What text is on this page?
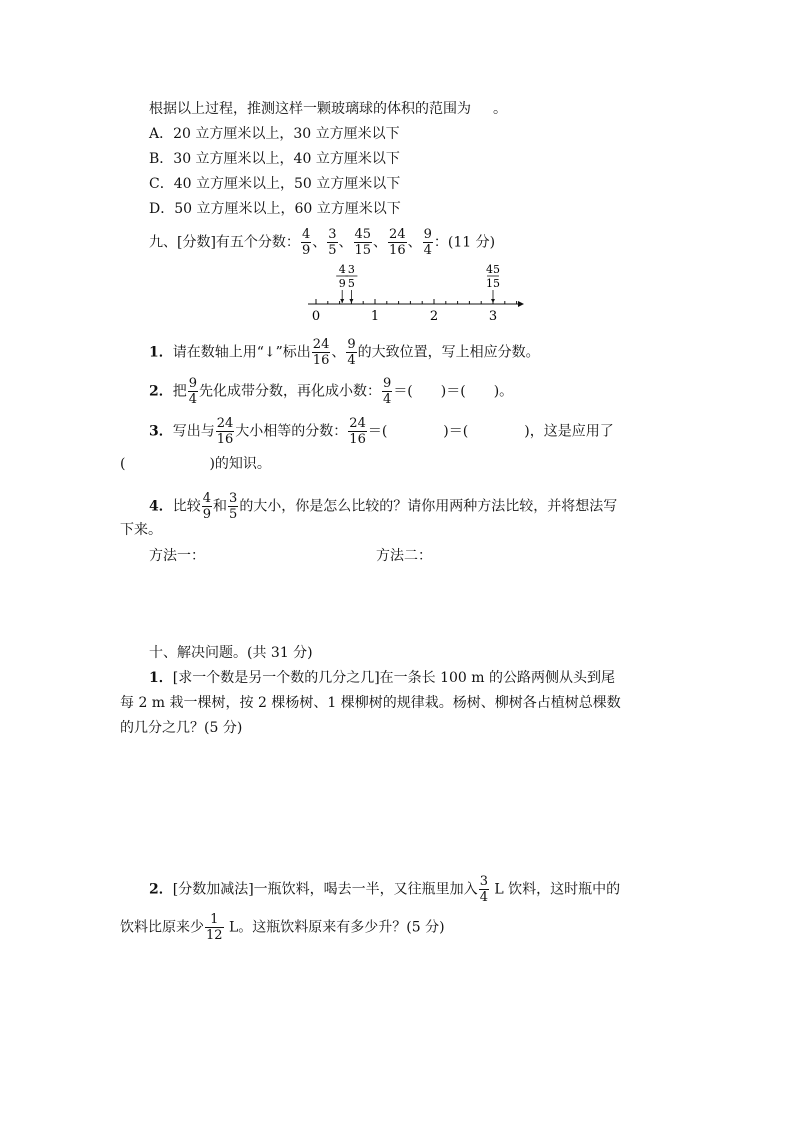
根据以上过程，推测这样一颗玻璃球的体积的范围为 。
A．20 立方厘米以上，30 立方厘米以下
B．30 立方厘米以上，40 立方厘米以下
C．40 立方厘米以上，50 立方厘米以下
D．50 立方厘米以上，60 立方厘米以下
九、[分数]有五个分数： $\frac{4}{9}$ 、 $\frac{3}{5}$ 、 $\frac{45}{15}$ 、 $\frac{24}{16}$ 、 $\frac{9}{4}$ ：(11 分)
0	1	2	3
4
9
3
5
45
15
1．请在数轴上用“↓”标出 $\frac{24}{16}$ 、 $\frac{9}{4}$ 的大致位置，写上相应分数。
2．把 $\frac{9}{4}$ 先化成带分数，再化成小数： $\frac{9}{4}$ ＝(　　)＝(　　)。
3．写出与 $\frac{24}{16}$ 大小相等的分数： $\frac{24}{16}$ ＝(　　　　)＝(　　　　)，这是应用了
(　　　　　　)的知识。
4．比较 $\frac{4}{9}$ 和 $\frac{3}{5}$ 的大小，你是怎么比较的？请你用两种方法比较，并将想法写
下来。
方法一：	方法二：
十、解决问题。(共 31 分)
1．[求一个数是另一个数的几分之几]在一条长 100 m 的公路两侧从头到尾
每 2 m 栽一棵树，按 2 棵杨树、1 棵柳树的规律栽。杨树、柳树各占植树总棵数
的几分之几？(5 分)
2．[分数加减法]一瓶饮料，喝去一半，又往瓶里加入 $\frac{3}{4}$ L 饮料，这时瓶中的
饮料比原来少 $\frac{1}{12}$ L。这瓶饮料原来有多少升？(5 分)
